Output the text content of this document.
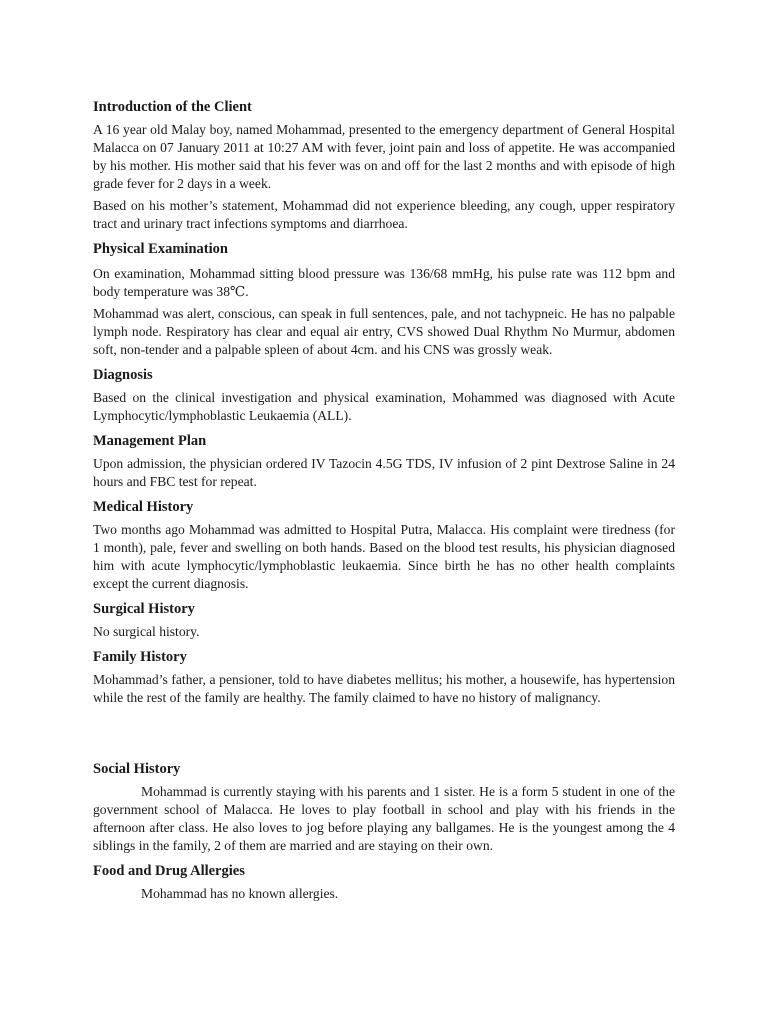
Introduction of the Client

A 16 year old Malay boy, named Mohammad, presented to the emergency department of General Hospital Malacca on 07 January 2011 at 10:27 AM with fever, joint pain and loss of appetite. He was accompanied by his mother. His mother said that his fever was on and off for the last 2 months and with episode of high grade fever for 2 days in a week.

Based on his mother’s statement, Mohammad did not experience bleeding, any cough, upper respiratory tract and urinary tract infections symptoms and diarrhoea.

Physical Examination

On examination, Mohammad sitting blood pressure was 136/68 mmHg, his pulse rate was 112 bpm and body temperature was 38℃.

Mohammad was alert, conscious, can speak in full sentences, pale, and not tachypneic. He has no palpable lymph node. Respiratory has clear and equal air entry, CVS showed Dual Rhythm No Murmur, abdomen soft, non-tender and a palpable spleen of about 4cm. and his CNS was grossly weak.

Diagnosis

Based on the clinical investigation and physical examination, Mohammed was diagnosed with Acute Lymphocytic/lymphoblastic Leukaemia (ALL).

Management Plan

Upon admission, the physician ordered IV Tazocin 4.5G TDS, IV infusion of 2 pint Dextrose Saline in 24 hours and FBC test for repeat.

Medical History

Two months ago Mohammad was admitted to Hospital Putra, Malacca. His complaint were tiredness (for 1 month), pale, fever and swelling on both hands. Based on the blood test results, his physician diagnosed him with acute lymphocytic/lymphoblastic leukaemia. Since birth he has no other health complaints except the current diagnosis.

Surgical History

No surgical history.

Family History

Mohammad’s father, a pensioner, told to have diabetes mellitus; his mother, a housewife, has hypertension while the rest of the family are healthy. The family claimed to have no history of malignancy.

Social History

Mohammad is currently staying with his parents and 1 sister. He is a form 5 student in one of the government school of Malacca. He loves to play football in school and play with his friends in the afternoon after class. He also loves to jog before playing any ballgames. He is the youngest among the 4 siblings in the family, 2 of them are married and are staying on their own.

Food and Drug Allergies

Mohammad has no known allergies.
